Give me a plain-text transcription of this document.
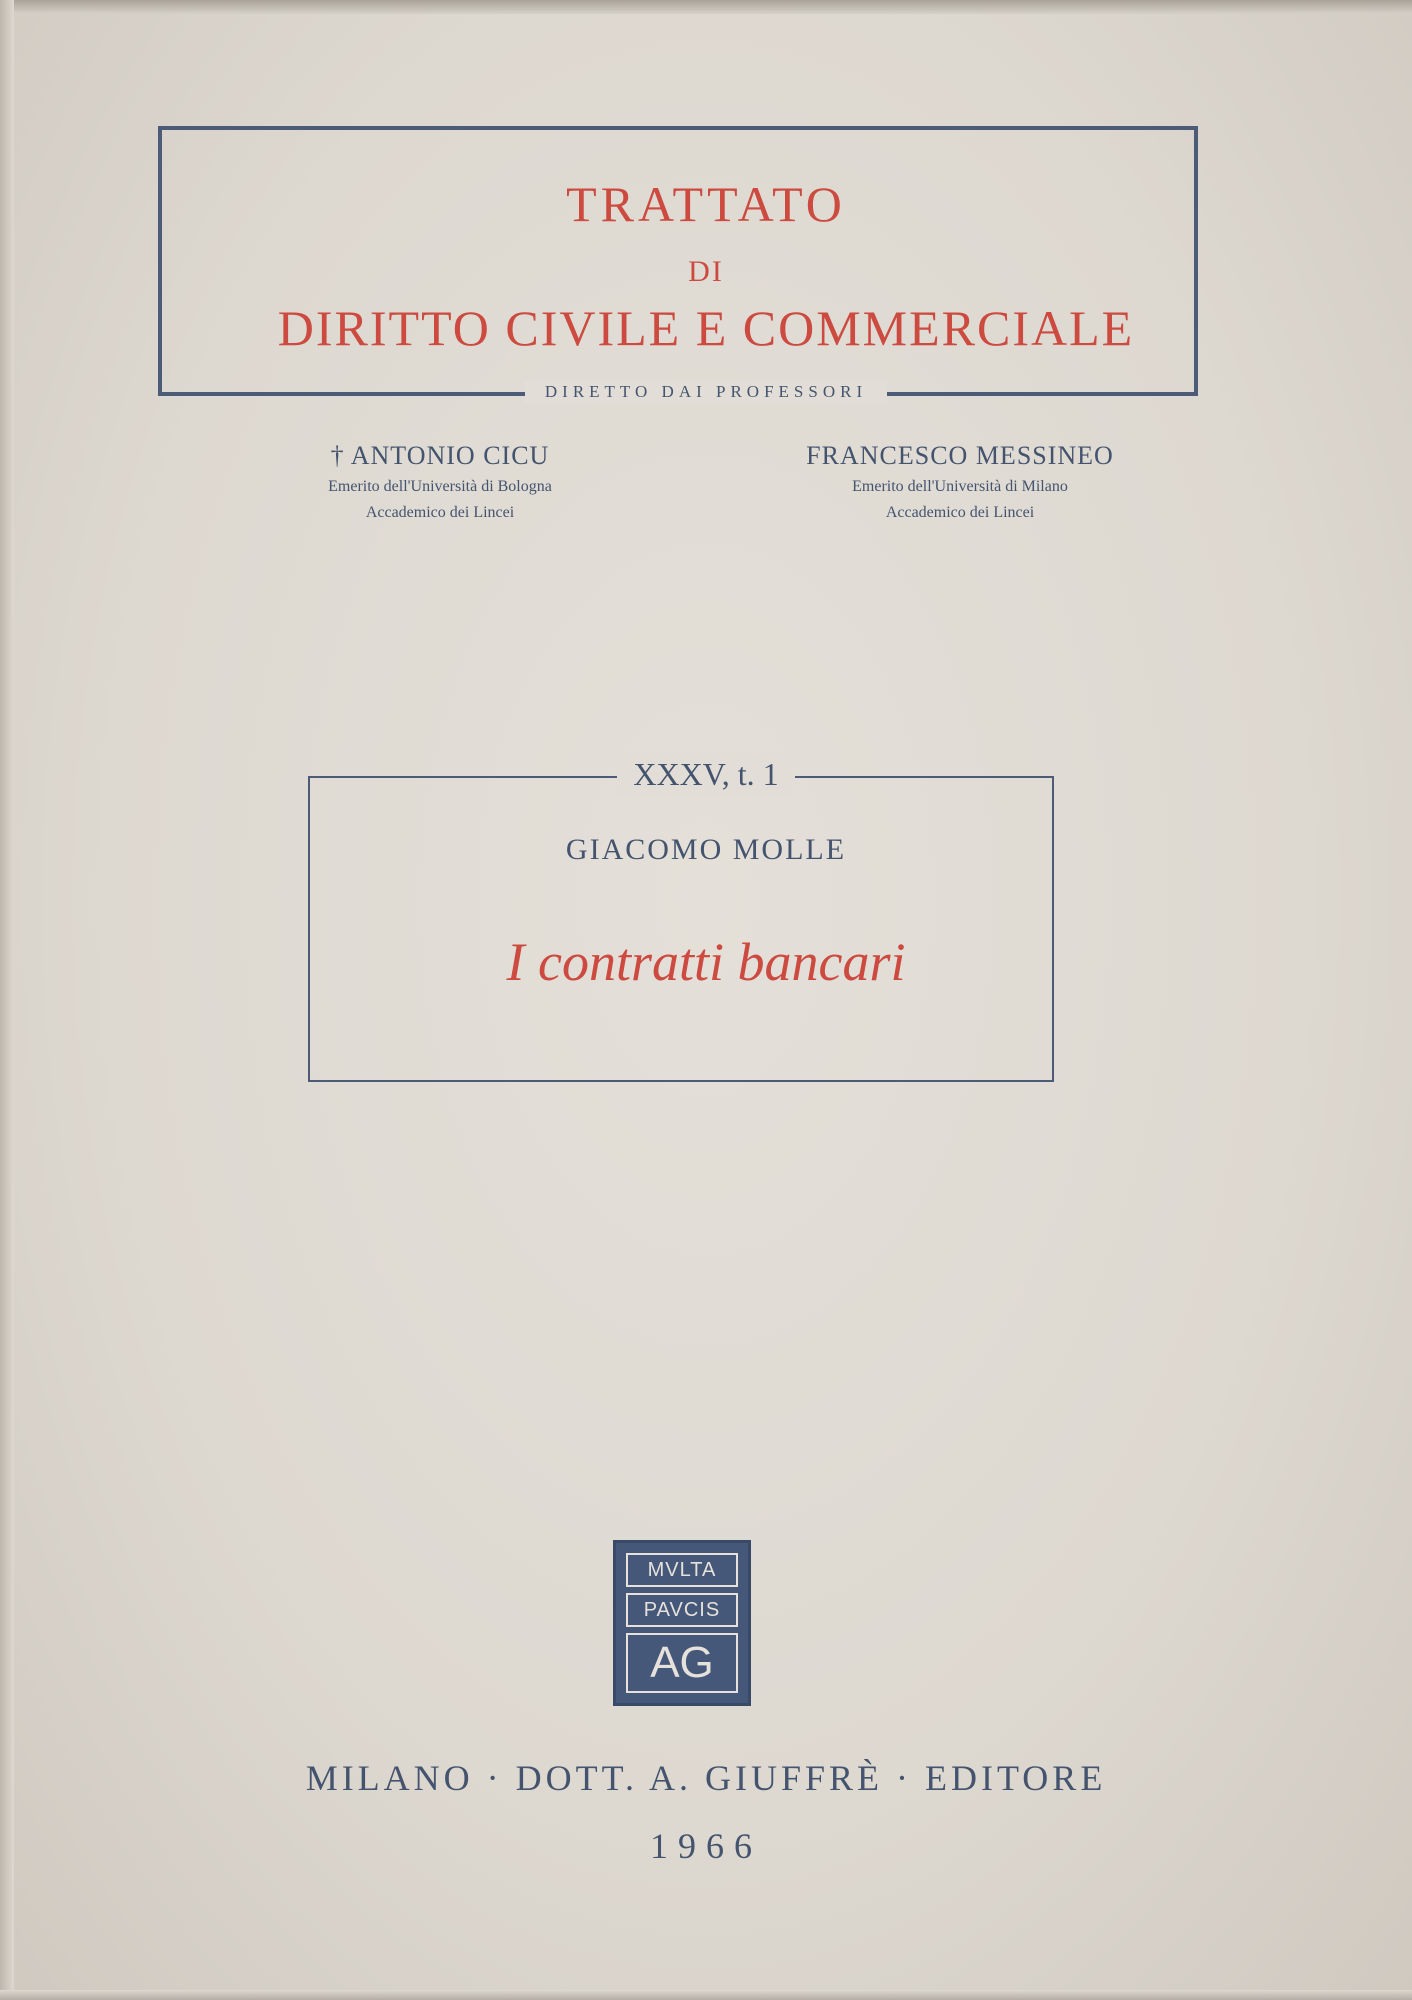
TRATTATO
DI
DIRITTO CIVILE E COMMERCIALE
DIRETTO DAI PROFESSORI
† ANTONIO CICU
Emerito dell'Università di Bologna
Accademico dei Lincei
FRANCESCO MESSINEO
Emerito dell'Università di Milano
Accademico dei Lincei
XXXV, t. 1
GIACOMO MOLLE
I contratti bancari
MVLTA
PAVCIS
AG
MILANO · DOTT. A. GIUFFRÈ · EDITORE
1966
